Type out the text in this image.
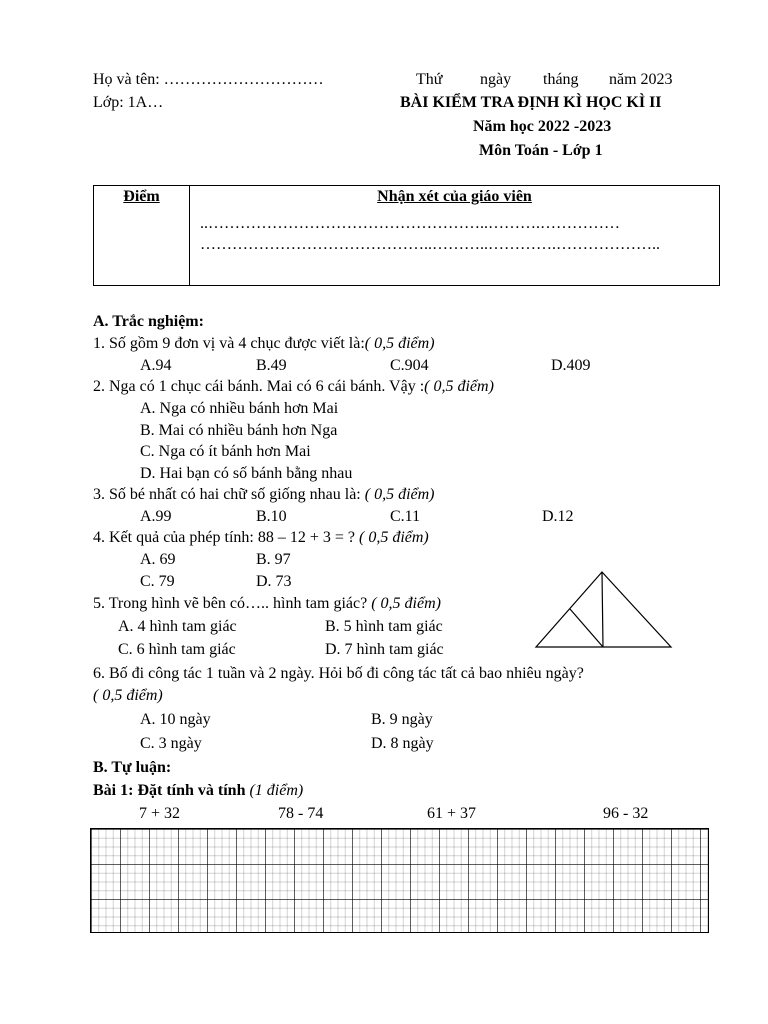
Họ và tên: …………………………
Lớp: 1A…
Thứ ngày tháng năm 2023
BÀI KIỂM TRA ĐỊNH KÌ HỌC KÌ II
Năm học 2022 -2023
Môn Toán - Lớp 1
Điểm	Nhận xét của giáo viên
..……………………………………………..……….……………
……………………………………..………..………….………………..
A. Trắc nghiệm:
1. Số gồm 9 đơn vị và 4 chục được viết là:( 0,5 điểm)
A.94	B.49	C.904	D.409
2. Nga có 1 chục cái bánh. Mai có 6 cái bánh. Vậy :( 0,5 điểm)
A. Nga có nhiều bánh hơn Mai
B. Mai có nhiều bánh hơn Nga
C. Nga có ít bánh hơn Mai
D. Hai bạn có số bánh bằng nhau
3. Số bé nhất có hai chữ số giống nhau là: ( 0,5 điểm)
A.99	B.10	C.11	D.12
4. Kết quả của phép tính: 88 – 12 + 3 = ? ( 0,5 điểm)
A. 69	B. 97
C. 79	D. 73
5. Trong hình vẽ bên có….. hình tam giác? ( 0,5 điểm)
A. 4 hình tam giác	B. 5 hình tam giác
C. 6 hình tam giác	D. 7 hình tam giác
6. Bố đi công tác 1 tuần và 2 ngày. Hỏi bố đi công tác tất cả bao nhiêu ngày?
( 0,5 điểm)
A. 10 ngày	B. 9 ngày
C. 3 ngày	D. 8 ngày
B. Tự luận:
Bài 1: Đặt tính và tính (1 điểm)
7 + 32	78 - 74	61 + 37	96 - 32
